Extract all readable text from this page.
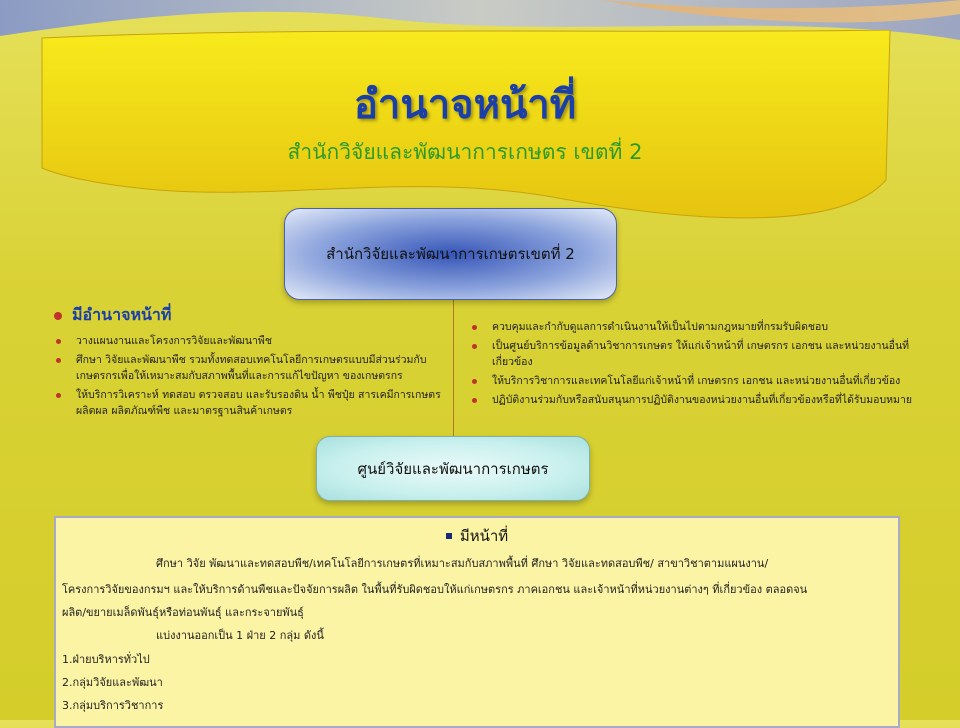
อำนาจหน้าที่
สำนักวิจัยและพัฒนาการเกษตร เขตที่ 2
สำนักวิจัยและพัฒนาการเกษตรเขตที่ 2
ศูนย์วิจัยและพัฒนาการเกษตร
มีอำนาจหน้าที่
วางแผนงานและโครงการวิจัยและพัฒนาพืช
ศึกษา วิจัยและพัฒนาพืช รวมทั้งทดสอบเทคโนโลยีการเกษตรแบบมีส่วนร่วมกับเกษตรกรเพื่อให้เหมาะสมกับสภาพพื้นที่และการแก้ไขปัญหา ของเกษตรกร
ให้บริการวิเคราะห์ ทดสอบ ตรวจสอบ และรับรองดิน น้ำ พืชปุ๋ย สารเคมีการเกษตร ผลิตผล ผลิตภัณฑ์พืช และมาตรฐานสินค้าเกษตร
ควบคุมและกำกับดูแลการดำเนินงานให้เป็นไปตามกฎหมายที่กรมรับผิดชอบ
เป็นศูนย์บริการข้อมูลด้านวิชาการเกษตร ให้แก่เจ้าหน้าที่ เกษตรกร เอกชน และหน่วยงานอื่นที่เกี่ยวข้อง
ให้บริการวิชาการและเทคโนโลยีแก่เจ้าหน้าที่ เกษตรกร เอกชน และหน่วยงานอื่นที่เกี่ยวข้อง
ปฏิบัติงานร่วมกับหรือสนับสนุนการปฏิบัติงานของหน่วยงานอื่นที่เกี่ยวข้องหรือที่ได้รับมอบหมาย
มีหน้าที่
ศึกษา วิจัย พัฒนาและทดสอบพืช/เทคโนโลยีการเกษตรที่เหมาะสมกับสภาพพื้นที่ ศึกษา วิจัยและทดสอบพืช/ สาขาวิชาตามแผนงาน/
โครงการวิจัยของกรมฯ และให้บริการด้านพืชและปัจจัยการผลิต ในพื้นที่รับผิดชอบให้แก่เกษตรกร ภาคเอกชน และเจ้าหน้าที่หน่วยงานต่างๆ ที่เกี่ยวข้อง ตลอดจน
ผลิต/ขยายเมล็ดพันธุ์หรือท่อนพันธุ์ และกระจายพันธุ์
แบ่งงานออกเป็น 1 ฝ่าย 2 กลุ่ม ดังนี้
1.ฝ่ายบริหารทั่วไป
2.กลุ่มวิจัยและพัฒนา
3.กลุ่มบริการวิชาการ
